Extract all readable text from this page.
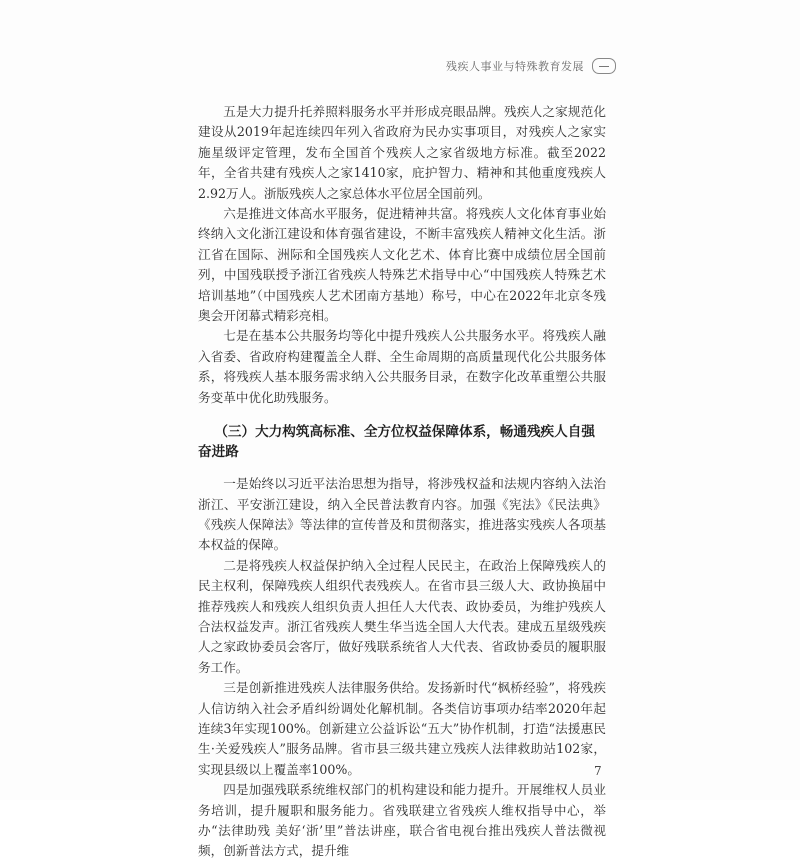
残疾人事业与特殊教育发展

五是大力提升托养照料服务水平并形成亮眼品牌。残疾人之家规范化建设从2019年起连续四年列入省政府为民办实事项目，对残疾人之家实施星级评定管理，发布全国首个残疾人之家省级地方标准。截至2022年，全省共建有残疾人之家1410家，庇护智力、精神和其他重度残疾人2.92万人。浙版残疾人之家总体水平位居全国前列。

六是推进文体高水平服务，促进精神共富。将残疾人文化体育事业始终纳入文化浙江建设和体育强省建设，不断丰富残疾人精神文化生活。浙江省在国际、洲际和全国残疾人文化艺术、体育比赛中成绩位居全国前列，中国残联授予浙江省残疾人特殊艺术指导中心“中国残疾人特殊艺术培训基地”（中国残疾人艺术团南方基地）称号，中心在2022年北京冬残奥会开闭幕式精彩亮相。

七是在基本公共服务均等化中提升残疾人公共服务水平。将残疾人融入省委、省政府构建覆盖全人群、全生命周期的高质量现代化公共服务体系，将残疾人基本服务需求纳入公共服务目录，在数字化改革重塑公共服务变革中优化助残服务。

（三）大力构筑高标准、全方位权益保障体系，畅通残疾人自强奋进路

一是始终以习近平法治思想为指导，将涉残权益和法规内容纳入法治浙江、平安浙江建设，纳入全民普法教育内容。加强《宪法》《民法典》《残疾人保障法》等法律的宣传普及和贯彻落实，推进落实残疾人各项基本权益的保障。

二是将残疾人权益保护纳入全过程人民民主，在政治上保障残疾人的民主权利，保障残疾人组织代表残疾人。在省市县三级人大、政协换届中推荐残疾人和残疾人组织负责人担任人大代表、政协委员，为维护残疾人合法权益发声。浙江省残疾人樊生华当选全国人大代表。建成五星级残疾人之家政协委员会客厅，做好残联系统省人大代表、省政协委员的履职服务工作。

三是创新推进残疾人法律服务供给。发扬新时代“枫桥经验”，将残疾人信访纳入社会矛盾纠纷调处化解机制。各类信访事项办结率2020年起连续3年实现100%。创新建立公益诉讼“五大”协作机制，打造“法援惠民生·关爱残疾人”服务品牌。省市县三级共建立残疾人法律救助站102家，实现县级以上覆盖率100%。

四是加强残联系统维权部门的机构建设和能力提升。开展维权人员业务培训，提升履职和服务能力。省残联建立省残疾人维权指导中心，举办“法律助残 美好‘浙’里”普法讲座，联合省电视台推出残疾人普法微视频，创新普法方式，提升维

7
